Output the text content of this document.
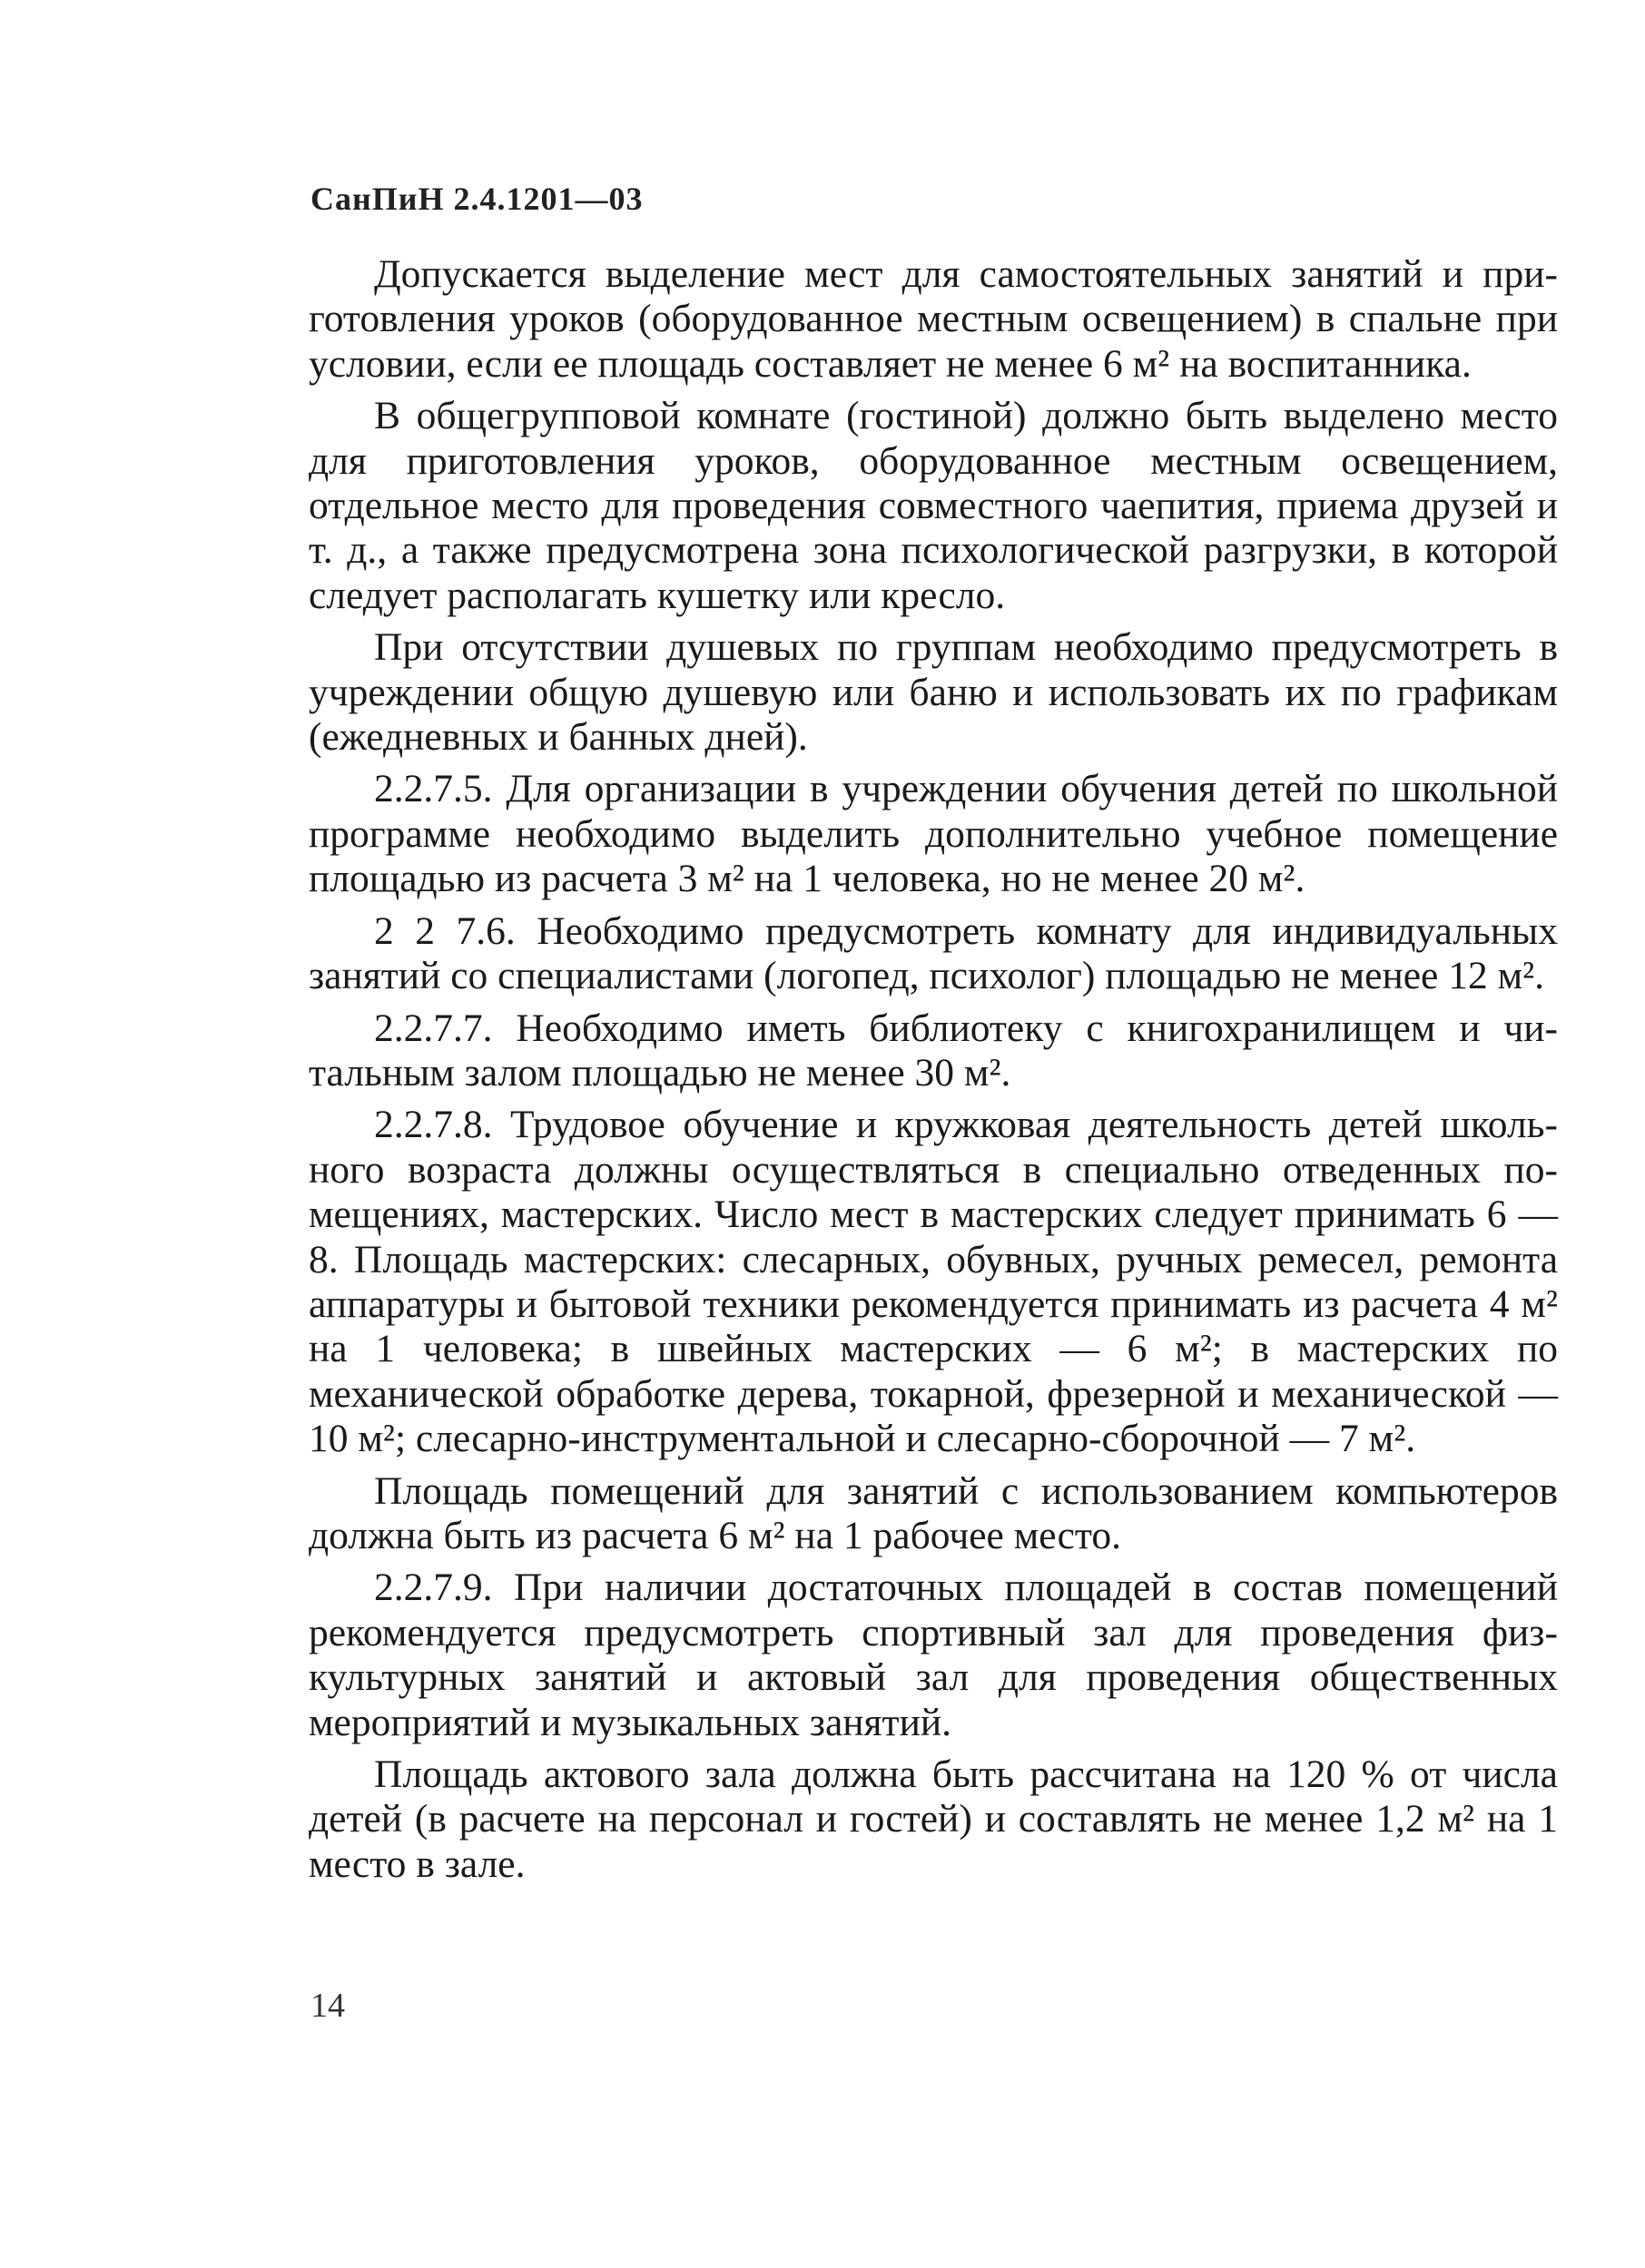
СанПиН 2.4.1201—03

Допускается выделение мест для самостоятельных занятий и приготовления уроков (оборудованное местным освещением) в спальне при условии, если ее площадь составляет не менее 6 м² на воспитанника.

В общегрупповой комнате (гостиной) должно быть выделено место для приготовления уроков, оборудованное местным освещением, отдельное место для проведения совместного чаепития, приема друзей и т. д., а также предусмотрена зона психологической разгрузки, в которой следует располагать кушетку или кресло.

При отсутствии душевых по группам необходимо предусмотреть в учреждении общую душевую или баню и использовать их по графикам (ежедневных и банных дней).

2.2.7.5. Для организации в учреждении обучения детей по школьной программе необходимо выделить дополнительно учебное помещение площадью из расчета 3 м² на 1 человека, но не менее 20 м².

2 2 7.6. Необходимо предусмотреть комнату для индивидуальных занятий со специалистами (логопед, психолог) площадью не менее 12 м².

2.2.7.7. Необходимо иметь библиотеку с книгохранилищем и читальным залом площадью не менее 30 м².

2.2.7.8. Трудовое обучение и кружковая деятельность детей школьного возраста должны осуществляться в специально отведенных помещениях, мастерских. Число мест в мастерских следует принимать 6 — 8. Площадь мастерских: слесарных, обувных, ручных ремесел, ремонта аппаратуры и бытовой техники рекомендуется принимать из расчета 4 м² на 1 человека; в швейных мастерских — 6 м²; в мастерских по механической обработке дерева, токарной, фрезерной и механической — 10 м²; слесарно-инструментальной и слесарно-сборочной — 7 м².

Площадь помещений для занятий с использованием компьютеров должна быть из расчета 6 м² на 1 рабочее место.

2.2.7.9. При наличии достаточных площадей в состав помещений рекомендуется предусмотреть спортивный зал для проведения физкультурных занятий и актовый зал для проведения общественных мероприятий и музыкальных занятий.

Площадь актового зала должна быть рассчитана на 120 % от числа детей (в расчете на персонал и гостей) и составлять не менее 1,2 м² на 1 место в зале.

14
